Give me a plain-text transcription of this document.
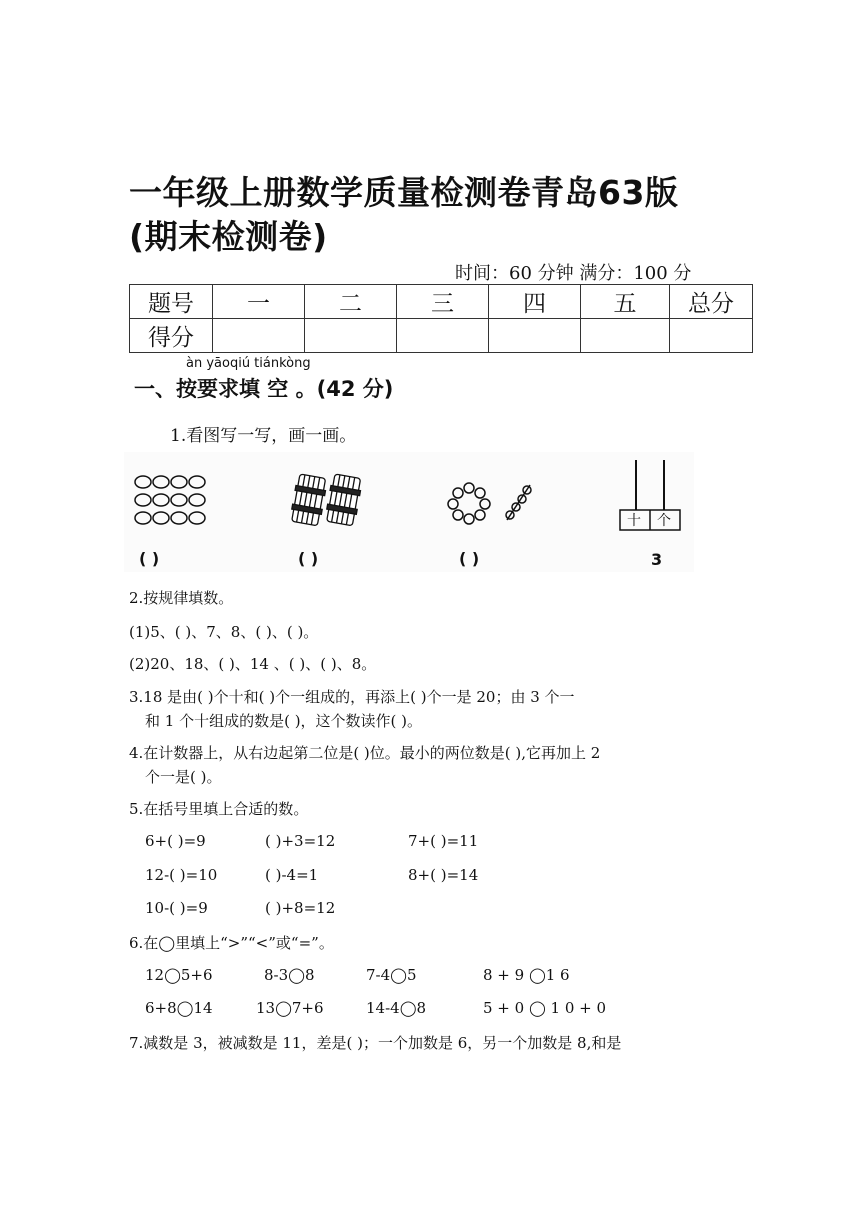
一年级上册数学质量检测卷青岛63版
(期末检测卷)
时间：60 分钟 满分：100 分
题号	一	二	三	四	五	总分
得分						
àn yāoqiú tiánkòng
一、按要求填 空 。(42 分)
1.看图写一写，画一画。
十 个
( )	( )	( )	3
2.按规律填数。
(1)5、( )、7、8、( )、( )。
(2)20、18、( )、14 、( )、( )、8。
3.18 是由( )个十和( )个一组成的，再添上( )个一是 20；由 3 个一
和 1 个十组成的数是( )，这个数读作( )。
4.在计数器上，从右边起第二位是( )位。最小的两位数是( ),它再加上 2
个一是( )。
5.在括号里填上合适的数。
6+( )=9	( )+3=12	7+( )=11
12-( )=10	( )-4=1	8+( )=14
10-( )=9	( )+8=12
6.在◯里填上“>”“<”或“=”。
12◯5+6	8-3◯8	7-4◯5	8 + 9 ◯1 6
6+8◯14	13◯7+6	14-4◯8	5 + 0 ◯ 1 0 + 0
7.减数是 3，被减数是 11，差是( )；一个加数是 6，另一个加数是 8,和是
